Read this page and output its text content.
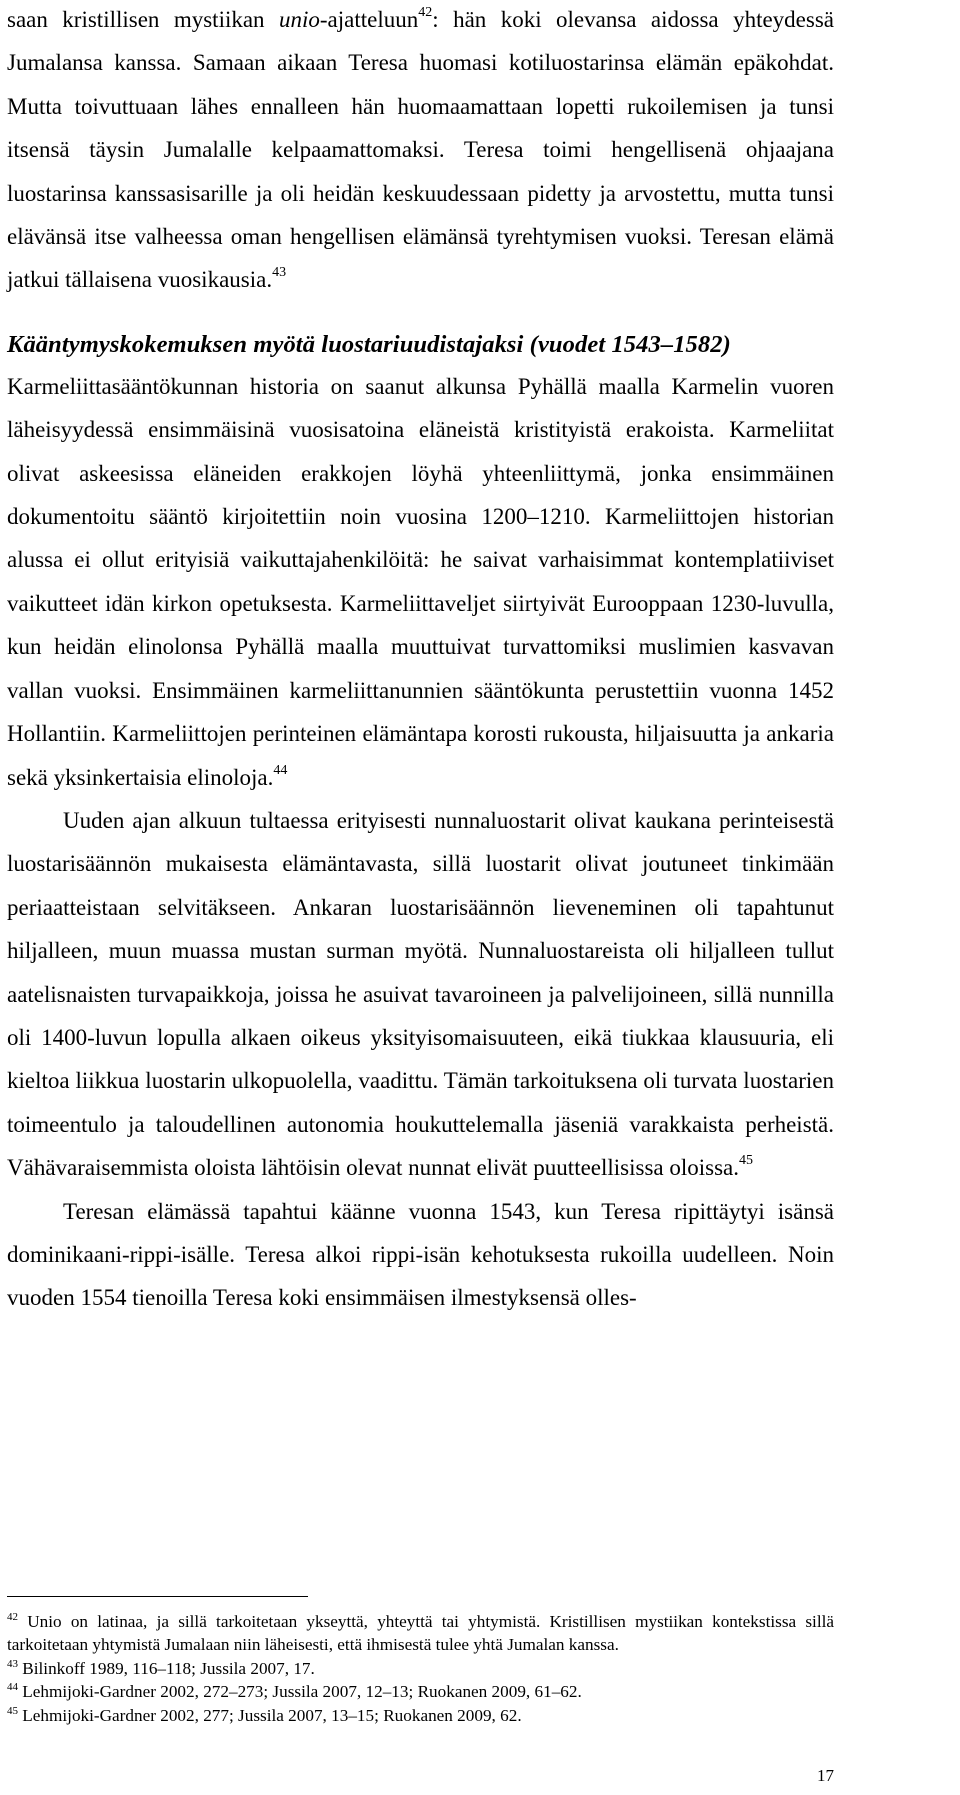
saan kristillisen mystiikan unio-ajatteluun$^{42}$: hän koki olevansa aidossa yhteydessä Jumalansa kanssa. Samaan aikaan Teresa huomasi kotiluostarinsa elämän epäkohdat. Mutta toivuttuaan lähes ennalleen hän huomaamattaan lopetti rukoilemisen ja tunsi itsensä täysin Jumalalle kelpaamattomaksi. Teresa toimi hengellisenä ohjaajana luostarinsa kanssasisarille ja oli heidän keskuudessaan pidetty ja arvostettu, mutta tunsi elävänsä itse valheessa oman hengellisen elämänsä tyrehtymisen vuoksi. Teresan elämä jatkui tällaisena vuosikausia.$^{43}$

Kääntymyskokemuksen myötä luostariuudistajaksi (vuodet 1543–1582)

Karmeliittasääntökunnan historia on saanut alkunsa Pyhällä maalla Karmelin vuoren läheisyydessä ensimmäisinä vuosisatoina eläneistä kristityistä erakoista. Karmeliitat olivat askeesissa eläneiden erakkojen löyhä yhteenliittymä, jonka ensimmäinen dokumentoitu sääntö kirjoitettiin noin vuosina 1200–1210. Karmeliittojen historian alussa ei ollut erityisiä vaikuttajahenkilöitä: he saivat varhaisimmat kontemplatiiviset vaikutteet idän kirkon opetuksesta. Karmeliittaveljet siirtyivät Eurooppaan 1230-luvulla, kun heidän elinolonsa Pyhällä maalla muuttuivat turvattomiksi muslimien kasvavan vallan vuoksi. Ensimmäinen karmeliittanunnien sääntökunta perustettiin vuonna 1452 Hollantiin. Karmeliittojen perinteinen elämäntapa korosti rukousta, hiljaisuutta ja ankaria sekä yksinkertaisia elinoloja.$^{44}$

Uuden ajan alkuun tultaessa erityisesti nunnaluostarit olivat kaukana perinteisestä luostarisäännön mukaisesta elämäntavasta, sillä luostarit olivat joutuneet tinkimään periaatteistaan selvitäkseen. Ankaran luostarisäännön lieveneminen oli tapahtunut hiljalleen, muun muassa mustan surman myötä. Nunnaluostareista oli hiljalleen tullut aatelisnaisten turvapaikkoja, joissa he asuivat tavaroineen ja palvelijoineen, sillä nunnilla oli 1400-luvun lopulla alkaen oikeus yksityisomaisuuteen, eikä tiukkaa klausuuria, eli kieltoa liikkua luostarin ulkopuolella, vaadittu. Tämän tarkoituksena oli turvata luostarien toimeentulo ja taloudellinen autonomia houkuttelemalla jäseniä varakkaista perheistä. Vähävaraisemmista oloista lähtöisin olevat nunnat elivät puutteellisissa oloissa.$^{45}$

Teresan elämässä tapahtui käänne vuonna 1543, kun Teresa ripittäytyi isänsä dominikaani-rippi-isälle. Teresa alkoi rippi-isän kehotuksesta rukoilla uudelleen. Noin vuoden 1554 tienoilla Teresa koki ensimmäisen ilmestyksensä olles-

$^{42}$ Unio on latinaa, ja sillä tarkoitetaan ykseyttä, yhteyttä tai yhtymistä. Kristillisen mystiikan kontekstissa sillä tarkoitetaan yhtymistä Jumalaan niin läheisesti, että ihmisestä tulee yhtä Jumalan kanssa.

$^{43}$ Bilinkoff 1989, 116–118; Jussila 2007, 17.

$^{44}$ Lehmijoki-Gardner 2002, 272–273; Jussila 2007, 12–13; Ruokanen 2009, 61–62.

$^{45}$ Lehmijoki-Gardner 2002, 277; Jussila 2007, 13–15; Ruokanen 2009, 62.

17
